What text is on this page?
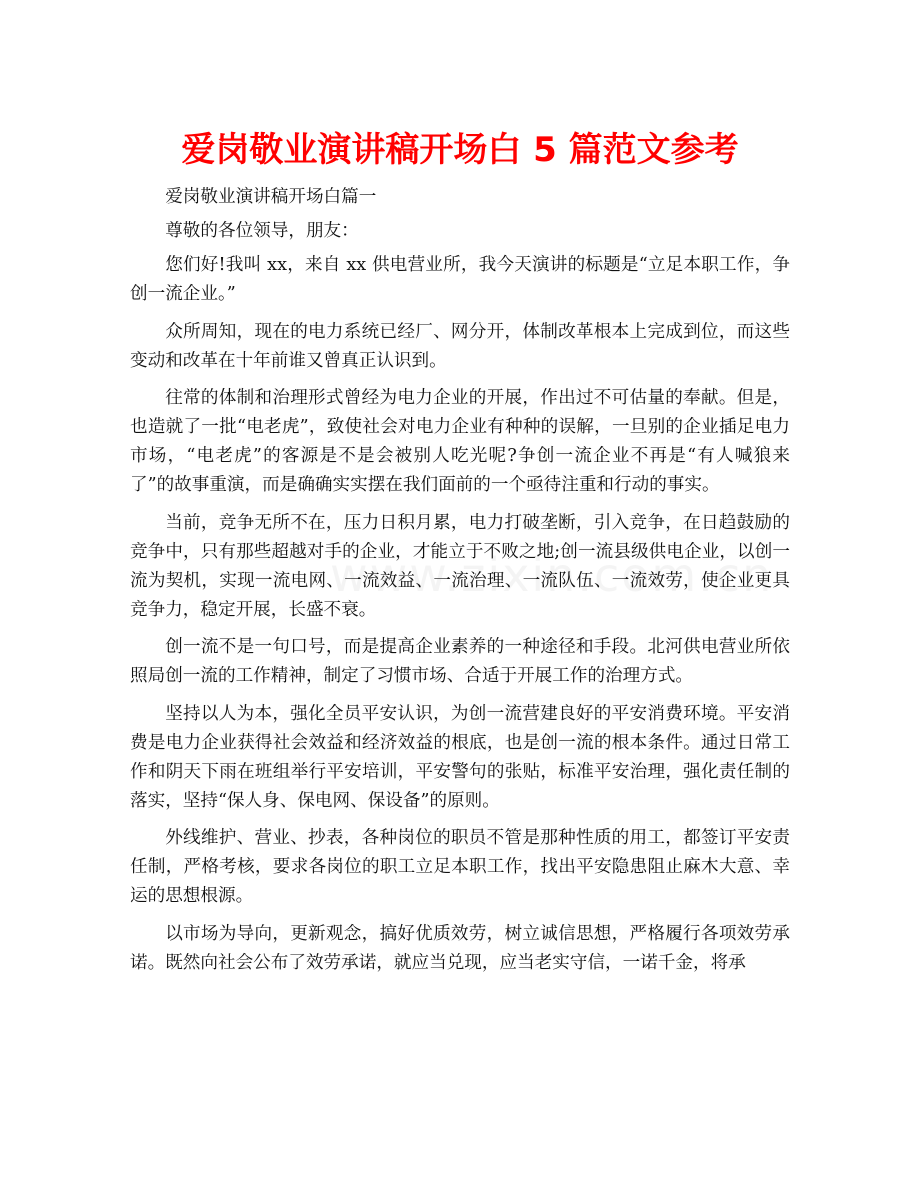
爱岗敬业演讲稿开场白 5 篇范文参考

爱岗敬业演讲稿开场白篇一

尊敬的各位领导，朋友：

您们好!我叫 xx，来自 xx 供电营业所，我今天演讲的标题是“立足本职工作，争创一流企业。”

众所周知，现在的电力系统已经厂、网分开，体制改革根本上完成到位，而这些变动和改革在十年前谁又曾真正认识到。

往常的体制和治理形式曾经为电力企业的开展，作出过不可估量的奉献。但是，也造就了一批“电老虎”，致使社会对电力企业有种种的误解，一旦别的企业插足电力市场，“电老虎”的客源是不是会被别人吃光呢?争创一流企业不再是“有人喊狼来了”的故事重演，而是确确实实摆在我们面前的一个亟待注重和行动的事实。

当前，竞争无所不在，压力日积月累，电力打破垄断，引入竞争，在日趋鼓励的竞争中，只有那些超越对手的企业，才能立于不败之地;创一流县级供电企业，以创一流为契机，实现一流电网、一流效益、一流治理、一流队伍、一流效劳，使企业更具竞争力，稳定开展，长盛不衰。

创一流不是一句口号，而是提高企业素养的一种途径和手段。北河供电营业所依照局创一流的工作精神，制定了习惯市场、合适于开展工作的治理方式。

坚持以人为本，强化全员平安认识，为创一流营建良好的平安消费环境。平安消费是电力企业获得社会效益和经济效益的根底，也是创一流的根本条件。通过日常工作和阴天下雨在班组举行平安培训，平安警句的张贴，标准平安治理，强化责任制的落实，坚持“保人身、保电网、保设备”的原则。

外线维护、营业、抄表，各种岗位的职员不管是那种性质的用工，都签订平安责任制，严格考核，要求各岗位的职工立足本职工作，找出平安隐患阻止麻木大意、幸运的思想根源。

以市场为导向，更新观念，搞好优质效劳，树立诚信思想，严格履行各项效劳承诺。既然向社会公布了效劳承诺，就应当兑现，应当老实守信，一诺千金，将承
